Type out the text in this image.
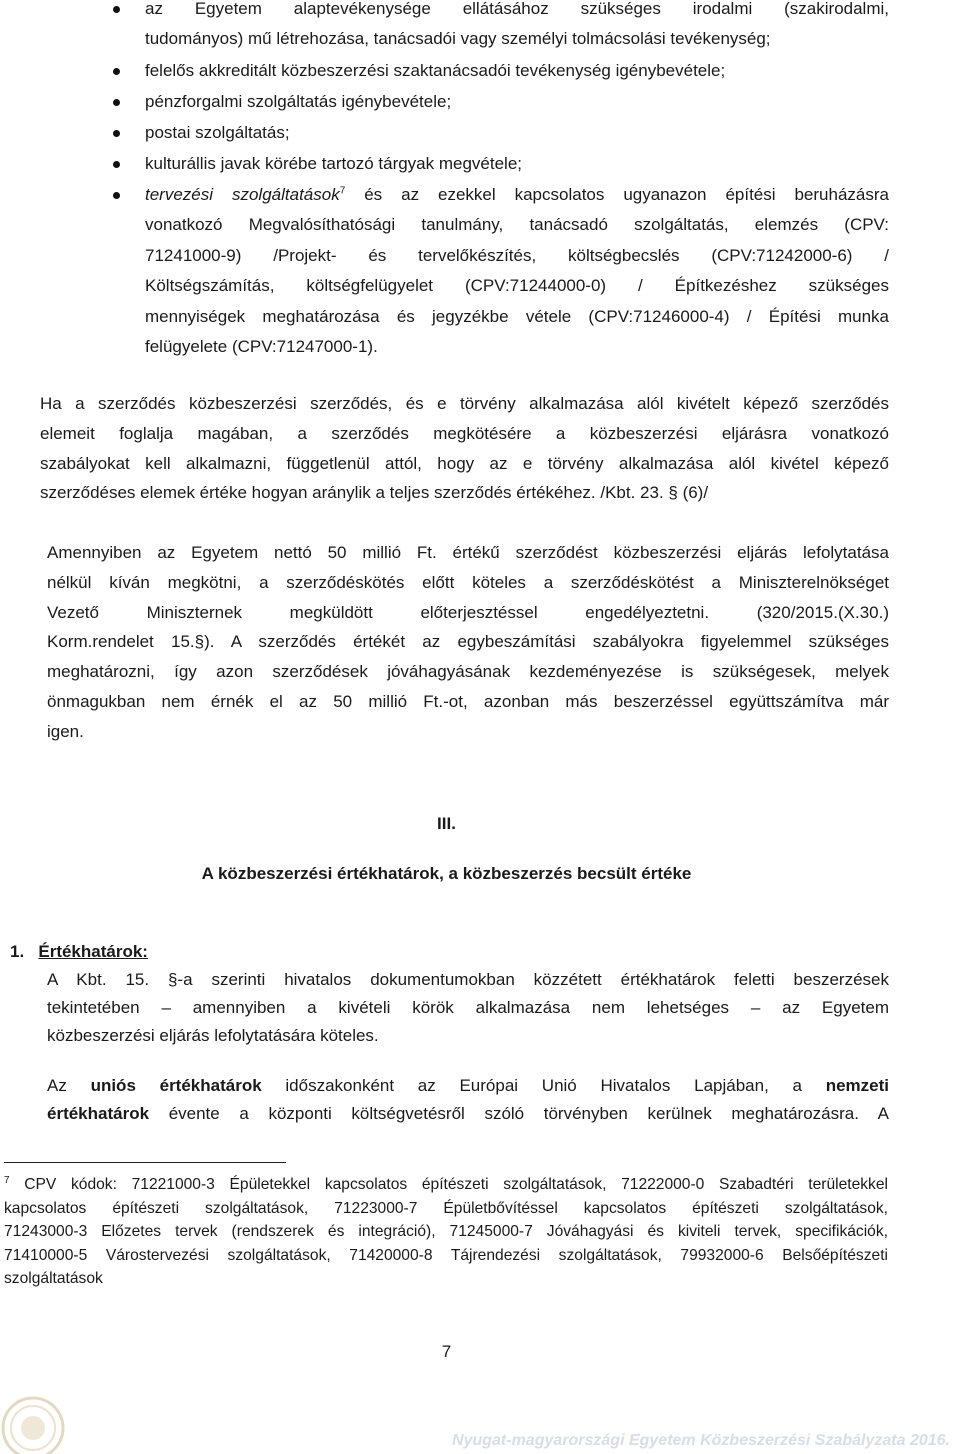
az Egyetem alaptevékenysége ellátásához szükséges irodalmi (szakirodalmi,
tudományos) mű létrehozása, tanácsadói vagy személyi tolmácsolási tevékenység;
felelős akkreditált közbeszerzési szaktanácsadói tevékenység igénybevétele;
pénzforgalmi szolgáltatás igénybevétele;
postai szolgáltatás;
kulturállis javak körébe tartozó tárgyak megvétele;
tervezési szolgáltatások$^7$ és az ezekkel kapcsolatos ugyanazon építési beruházásra
vonatkozó Megvalósíthatósági tanulmány, tanácsadó szolgáltatás, elemzés (CPV:
71241000-9) /Projekt- és tervelőkészítés, költségbecslés (CPV:71242000-6) /
Költségszámítás, költségfelügyelet (CPV:71244000-0) / Építkezéshez szükséges
mennyiségek meghatározása és jegyzékbe vétele (CPV:71246000-4) / Építési munka
felügyelete (CPV:71247000-1).
Ha a szerződés közbeszerzési szerződés, és e törvény alkalmazása alól kivételt képező szerződés
elemeit foglalja magában, a szerződés megkötésére a közbeszerzési eljárásra vonatkozó
szabályokat kell alkalmazni, függetlenül attól, hogy az e törvény alkalmazása alól kivétel képező
szerződéses elemek értéke hogyan aránylik a teljes szerződés értékéhez. /Kbt. 23. § (6)/
Amennyiben az Egyetem nettó 50 millió Ft. értékű szerződést közbeszerzési eljárás lefolytatása
nélkül kíván megkötni, a szerződéskötés előtt köteles a szerződéskötést a Miniszterelnökséget
Vezető Miniszternek megküldött előterjesztéssel engedélyeztetni. (320/2015.(X.30.)
Korm.rendelet 15.§). A szerződés értékét az egybeszámítási szabályokra figyelemmel szükséges
meghatározni, így azon szerződések jóváhagyásának kezdeményezése is szükségesek, melyek
önmagukban nem érnék el az 50 millió Ft.-ot, azonban más beszerzéssel együttszámítva már
igen.
III.
A közbeszerzési értékhatárok, a közbeszerzés becsült értéke
1. Értékhatárok:
A Kbt. 15. §-a szerinti hivatalos dokumentumokban közzétett értékhatárok feletti beszerzések
tekintetében – amennyiben a kivételi körök alkalmazása nem lehetséges – az Egyetem
közbeszerzési eljárás lefolytatására köteles.
Az uniós értékhatárok időszakonként az Európai Unió Hivatalos Lapjában, a nemzeti
értékhatárok évente a központi költségvetésről szóló törvényben kerülnek meghatározásra. A
$^7$ CPV kódok: 71221000-3 Épületekkel kapcsolatos építészeti szolgáltatások, 71222000-0 Szabadtéri területekkel
kapcsolatos építészeti szolgáltatások, 71223000-7 Épületbővítéssel kapcsolatos építészeti szolgáltatások,
71243000-3 Előzetes tervek (rendszerek és integráció), 71245000-7 Jóváhagyási és kiviteli tervek, specifikációk,
71410000-5 Várostervezési szolgáltatások, 71420000-8 Tájrendezési szolgáltatások, 79932000-6 Belsőépítészeti
szolgáltatások
7
Nyugat-magyarországi Egyetem Közbeszerzési Szabályzata 2016.
